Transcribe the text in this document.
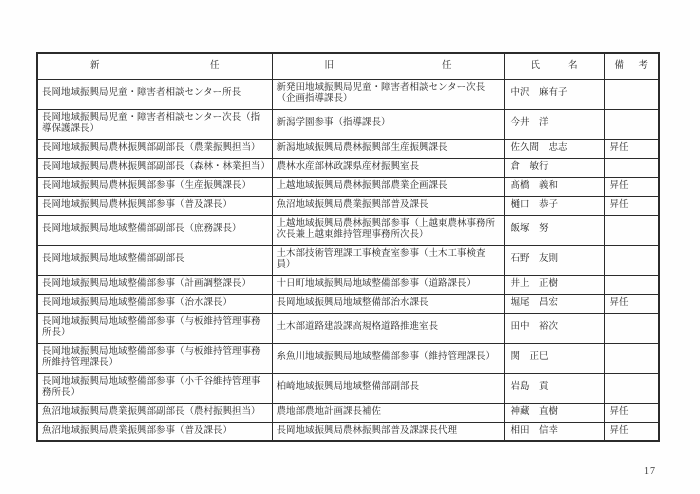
新任	旧任	氏名	備考
長岡地域振興局児童・障害者相談センター所長	新発田地域振興局児童・障害者相談センター次長（企画指導課長）	中沢　麻有子	
長岡地域振興局児童・障害者相談センター次長（指導保護課長）	新潟学園参事（指導課長）	今井　洋	
長岡地域振興局農林振興部副部長（農業振興担当）	新潟地域振興局農林振興部生産振興課長	佐久間　忠志	昇任
長岡地域振興局農林振興部副部長（森林・林業担当）	農林水産部林政課県産材振興室長	倉　敏行	
長岡地域振興局農林振興部参事（生産振興課長）	上越地域振興局農林振興部農業企画課長	髙橋　義和	昇任
長岡地域振興局農林振興部参事（普及課長）	魚沼地域振興局農業振興部普及課長	樋口　恭子	昇任
長岡地域振興局地域整備部副部長（庶務課長）	上越地域振興局農林振興部参事（上越東農林事務所次長兼上越東維持管理事務所次長）	飯塚　努	
長岡地域振興局地域整備部副部長	土木部技術管理課工事検査室参事（土木工事検査員）	石野　友則	
長岡地域振興局地域整備部参事（計画調整課長）	十日町地域振興局地域整備部参事（道路課長）	井上　正樹	
長岡地域振興局地域整備部参事（治水課長）	長岡地域振興局地域整備部治水課長	堀尾　昌宏	昇任
長岡地域振興局地域整備部参事（与板維持管理事務所長）	土木部道路建設課高規格道路推進室長	田中　裕次	
長岡地域振興局地域整備部参事（与板維持管理事務所維持管理課長）	糸魚川地域振興局地域整備部参事（維持管理課長）	関　正巳	
長岡地域振興局地域整備部参事（小千谷維持管理事務所長）	柏崎地域振興局地域整備部副部長	岩島　貢	
魚沼地域振興局農業振興部副部長（農村振興担当）	農地部農地計画課長補佐	神藏　直樹	昇任
魚沼地域振興局農業振興部参事（普及課長）	長岡地域振興局農林振興部普及課課長代理	相田　信幸	昇任
17
